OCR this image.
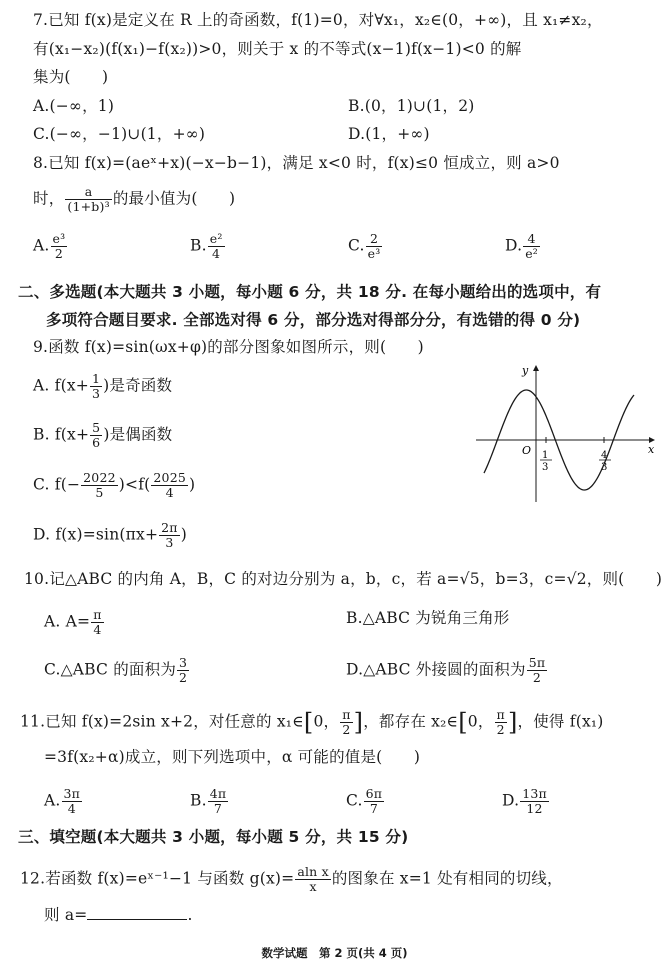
7.已知 f(x)是定义在 R 上的奇函数，f(1)=0，对∀x₁，x₂∈(0，+∞)，且 x₁≠x₂，
有(x₁−x₂)(f(x₁)−f(x₂))>0，则关于 x 的不等式(x−1)f(x−1)<0 的解
集为(　　)
A.(−∞，1)	B.(0，1)∪(1，2)
C.(−∞，−1)∪(1，+∞)	D.(1，+∞)
8.已知 f(x)=(aeˣ+x)(−x−b−1)，满足 x<0 时，f(x)≤0 恒成立，则 a>0
时， $\frac{a}{\text{(1+b)³}}$ 的最小值为(　　)
A. $\frac{\text{e³}}{2}$	B. $\frac{\text{e²}}{4}$	C. $\frac{2}{\text{e³}}$	D. $\frac{4}{\text{e²}}$
二、多选题(本大题共 3 小题，每小题 6 分，共 18 分. 在每小题给出的选项中，有
多项符合题目要求. 全部选对得 6 分，部分选对得部分分，有选错的得 0 分)
9.函数 f(x)=sin(ωx+φ)的部分图象如图所示，则(　　)
A. $f(x+ \frac{1}{3}$ )是奇函数
B. $f(x+ \frac{5}{6}$ )是偶函数
C. $f(- \frac{2022}{5} )<f( \frac{2025}{4}$ )
D. $f(x)=\sin(\pi x+ \frac{2\pi}{3}$ )
y
x
O 1
3
4
3
10.记△ABC 的内角 A，B，C 的对边分别为 a，b，c，若 a=√5，b=3，c=√2，则(　　)
A. $A= \frac{\pi}{4}$	B.△ABC 为锐角三角形
C.△ABC 的面积为 $\frac{3}{2}$	D.△ABC 外接圆的面积为 $\frac{5\pi}{2}$
11.已知 f(x)=2sin x+2，对任意的 x₁∈[0， $\frac{\pi}{2}$ ]，都存在 x₂∈[0， $\frac{\pi}{2}$ ]，使得 f(x₁)
=3f(x₂+α)成立，则下列选项中，α 可能的值是(　　)
A. $\frac{3\pi}{4}$	B. $\frac{4\pi}{7}$	C. $\frac{6\pi}{7}$	D. $\frac{13\pi}{12}$
三、填空题(本大题共 3 小题，每小题 5 分，共 15 分)
12.若函数 f(x)=eˣ⁻¹−1 与函数 $g(x)= \frac{\text{aln x}}{x}$ 的图象在 x=1 处有相同的切线，
则 a=	.
数学试题　第 2 页(共 4 页)
